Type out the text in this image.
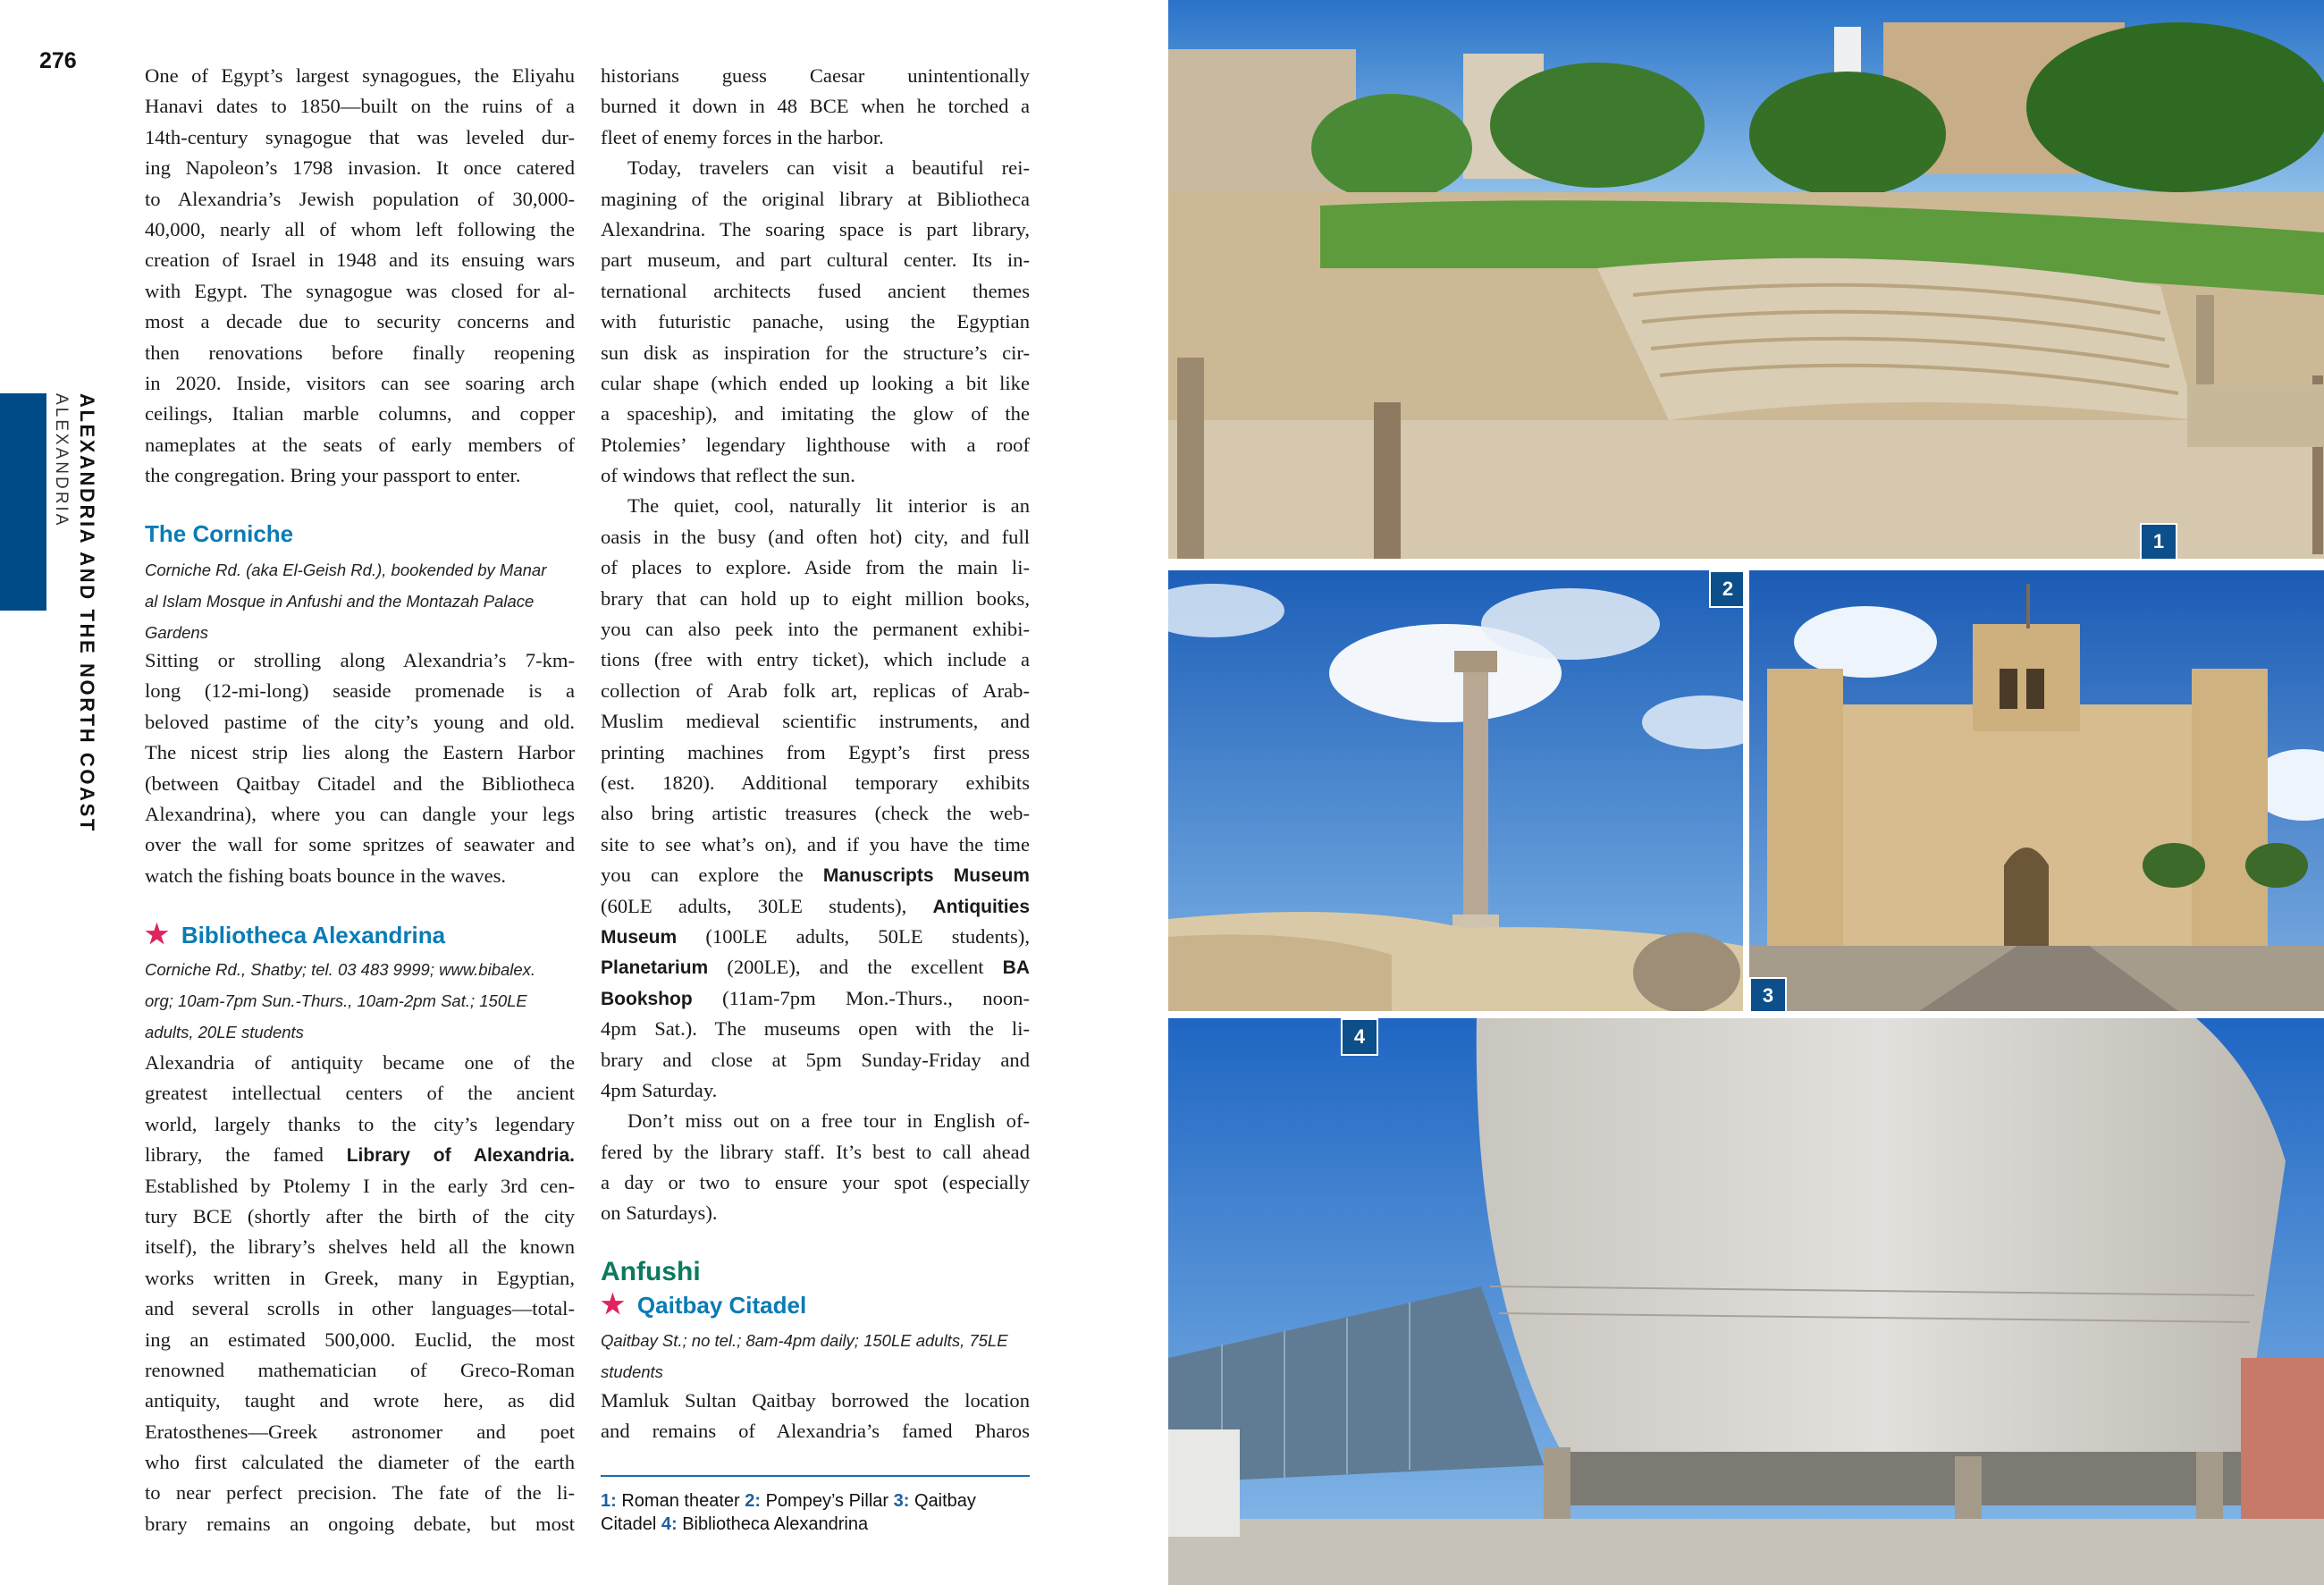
276
ALEXANDRIA AND THE NORTH COAST
ALEXANDRIA
One of Egypt’s largest synagogues, the Eliyahu
Hanavi dates to 1850—built on the ruins of a
14th-century synagogue that was leveled dur-
ing Napoleon’s 1798 invasion. It once catered
to Alexandria’s Jewish population of 30,000-
40,000, nearly all of whom left following the
creation of Israel in 1948 and its ensuing wars
with Egypt. The synagogue was closed for al-
most a decade due to security concerns and
then renovations before finally reopening
in 2020. Inside, visitors can see soaring arch
ceilings, Italian marble columns, and copper
nameplates at the seats of early members of
the congregation. Bring your passport to enter.
The Corniche
Corniche Rd. (aka El-Geish Rd.), bookended by Manar
al Islam Mosque in Anfushi and the Montazah Palace
Gardens
Sitting or strolling along Alexandria’s 7-km-
long (12-mi-long) seaside promenade is a
beloved pastime of the city’s young and old.
The nicest strip lies along the Eastern Harbor
(between Qaitbay Citadel and the Bibliotheca
Alexandrina), where you can dangle your legs
over the wall for some spritzes of seawater and
watch the fishing boats bounce in the waves.
★ Bibliotheca Alexandrina
Corniche Rd., Shatby; tel. 03 483 9999; www.bibalex.
org; 10am-7pm Sun.-Thurs., 10am-2pm Sat.; 150LE
adults, 20LE students
Alexandria of antiquity became one of the
greatest intellectual centers of the ancient
world, largely thanks to the city’s legendary
library, the famed Library of Alexandria.
Established by Ptolemy I in the early 3rd cen-
tury BCE (shortly after the birth of the city
itself), the library’s shelves held all the known
works written in Greek, many in Egyptian,
and several scrolls in other languages—total-
ing an estimated 500,000. Euclid, the most
renowned mathematician of Greco-Roman
antiquity, taught and wrote here, as did
Eratosthenes—Greek astronomer and poet
who first calculated the diameter of the earth
to near perfect precision. The fate of the li-
brary remains an ongoing debate, but most
historians guess Caesar unintentionally
burned it down in 48 BCE when he torched a
fleet of enemy forces in the harbor.
Today, travelers can visit a beautiful rei-
magining of the original library at Bibliotheca
Alexandrina. The soaring space is part library,
part museum, and part cultural center. Its in-
ternational architects fused ancient themes
with futuristic panache, using the Egyptian
sun disk as inspiration for the structure’s cir-
cular shape (which ended up looking a bit like
a spaceship), and imitating the glow of the
Ptolemies’ legendary lighthouse with a roof
of windows that reflect the sun.
The quiet, cool, naturally lit interior is an
oasis in the busy (and often hot) city, and full
of places to explore. Aside from the main li-
brary that can hold up to eight million books,
you can also peek into the permanent exhibi-
tions (free with entry ticket), which include a
collection of Arab folk art, replicas of Arab-
Muslim medieval scientific instruments, and
printing machines from Egypt’s first press
(est. 1820). Additional temporary exhibits
also bring artistic treasures (check the web-
site to see what’s on), and if you have the time
you can explore the Manuscripts Museum
(60LE adults, 30LE students), Antiquities
Museum (100LE adults, 50LE students),
Planetarium (200LE), and the excellent BA
Bookshop (11am-7pm Mon.-Thurs., noon-
4pm Sat.). The museums open with the li-
brary and close at 5pm Sunday-Friday and
4pm Saturday.
Don’t miss out on a free tour in English of-
fered by the library staff. It’s best to call ahead
a day or two to ensure your spot (especially
on Saturdays).
Anfushi
★ Qaitbay Citadel
Qaitbay St.; no tel.; 8am-4pm daily; 150LE adults, 75LE
students
Mamluk Sultan Qaitbay borrowed the location
and remains of Alexandria’s famed Pharos
1: Roman theater 2: Pompey’s Pillar 3: Qaitbay
Citadel 4: Bibliotheca Alexandrina
1
2
3
4
